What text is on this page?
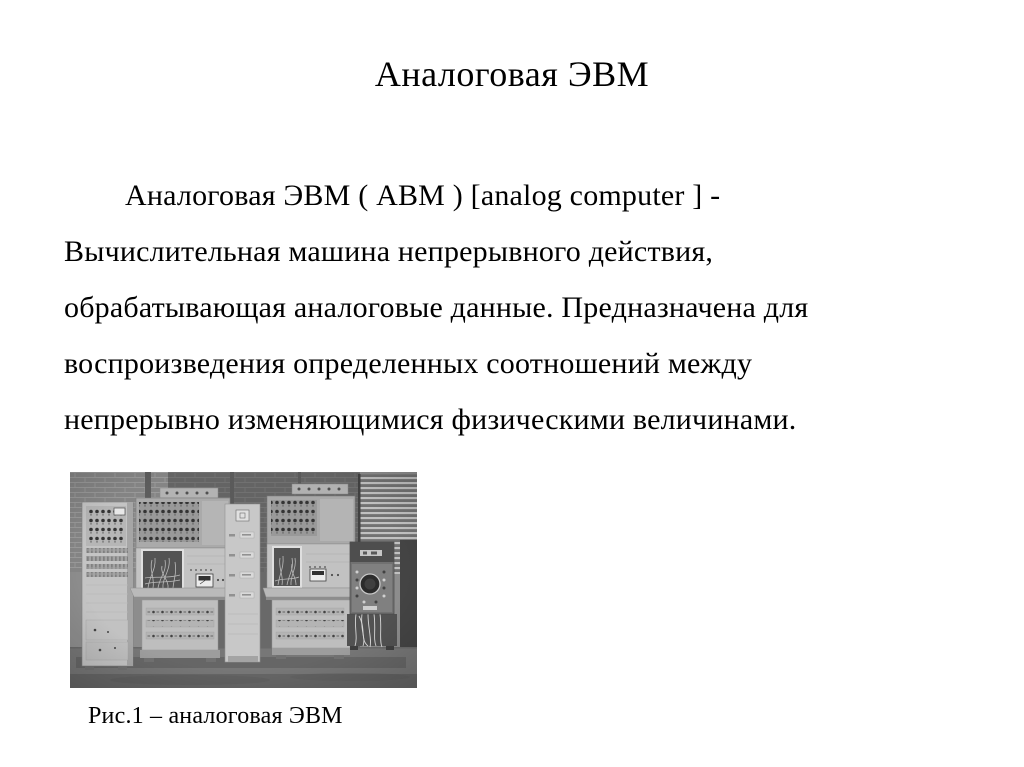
Аналоговая ЭВМ
Аналоговая ЭВМ ( АВМ ) [analog computer ] -
Вычислительная машина непрерывного действия,
обрабатывающая аналоговые данные. Предназначена для
воспроизведения определенных соотношений между
непрерывно изменяющимися физическими величинами.
Рис.1 – аналоговая ЭВМ
